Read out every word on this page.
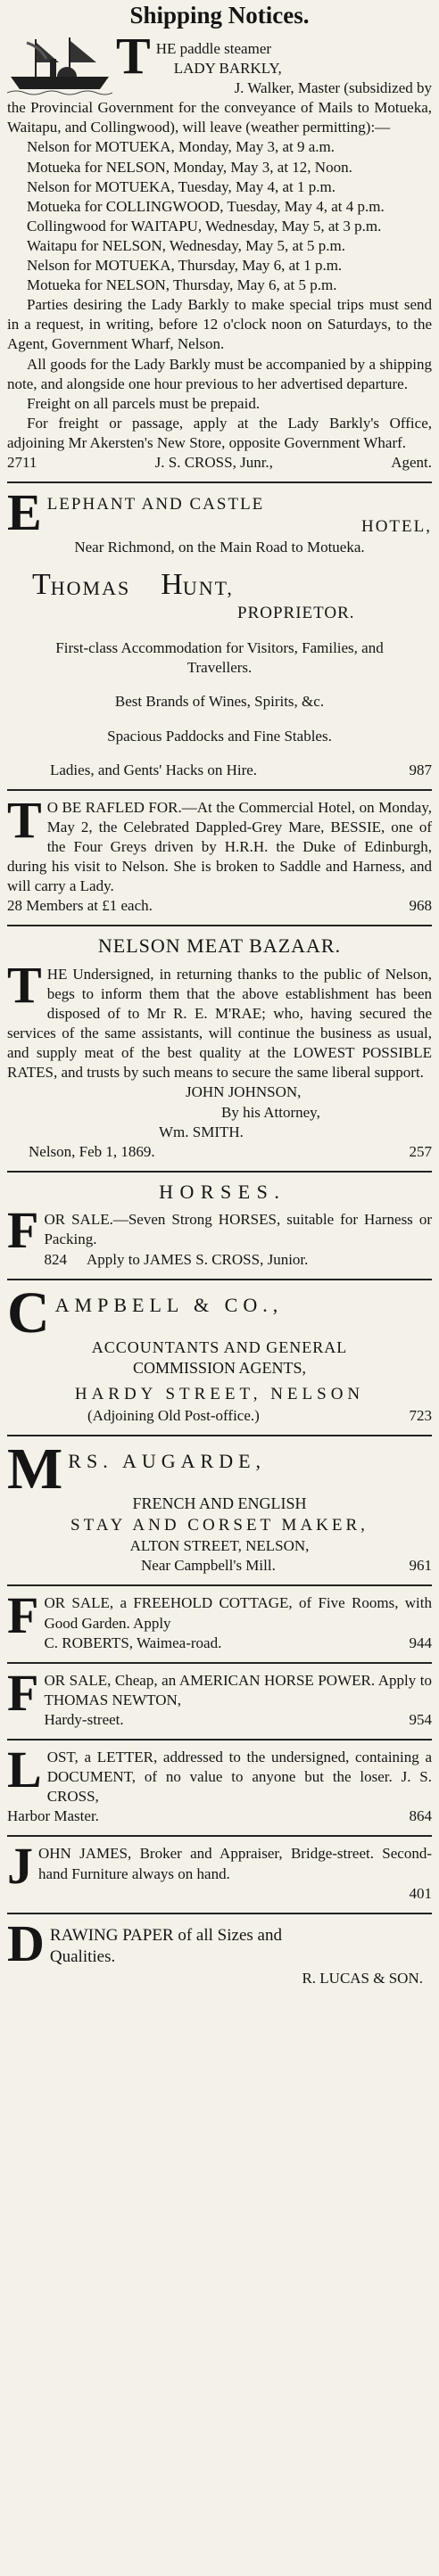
Shipping Notices.
T HE paddle steamer

LADY BARKLY,

J. Walker, Master (subsidized by

the Provincial Government for the conveyance of Mails to Motueka, Waitapu, and Collingwood), will leave (weather permitting):—

Nelson for MOTUEKA, Monday, May 3, at 9 a.m.

Motueka for NELSON, Monday, May 3, at 12, Noon.

Nelson for MOTUEKA, Tuesday, May 4, at 1 p.m.

Motueka for COLLINGWOOD, Tuesday, May 4, at 4 p.m.

Collingwood for WAITAPU, Wednesday, May 5, at 3 p.m.

Waitapu for NELSON, Wednesday, May 5, at 5 p.m.

Nelson for MOTUEKA, Thursday, May 6, at 1 p.m.

Motueka for NELSON, Thursday, May 6, at 5 p.m.

Parties desiring the Lady Barkly to make special trips must send in a request, in writing, before 12 o'clock noon on Saturdays, to the Agent, Government Wharf, Nelson.

All goods for the Lady Barkly must be accompanied by a shipping note, and alongside one hour previous to her advertised departure.

Freight on all parcels must be prepaid.

For freight or passage, apply at the Lady Barkly's Office, adjoining Mr Akersten's New Store, opposite Government Wharf.

2711	J. S. CROSS, Junr.,	Agent.
E LEPHANT AND CASTLE

HOTEL,

Near Richmond, on the Main Road to Motueka.

T HOMAS H UNT,

PROPRIETOR.

First-class Accommodation for Visitors, Families, and Travellers.

Best Brands of Wines, Spirits, &c.

Spacious Paddocks and Fine Stables.

Ladies, and Gents' Hacks on Hire.	987
T O BE RAFLED FOR.—At the Commercial Hotel, on Monday, May 2, the Celebrated Dappled-Grey Mare, BESSIE, one of the Four Greys driven by H.R.H. the Duke of Edinburgh, during his visit to Nelson. She is broken to Saddle and Harness, and will carry a Lady.

28 Members at £1 each.	968

NELSON MEAT BAZAAR.

T HE Undersigned, in returning thanks to the public of Nelson, begs to inform them that the above establishment has been disposed of to Mr R. E. M'RAE; who, having secured the services of the same assistants, will continue the business as usual, and supply meat of the best quality at the LOWEST POSSIBLE RATES, and trusts by such means to secure the same liberal support.

JOHN JOHNSON,

By his Attorney,

Wm. SMITH.

Nelson, Feb 1, 1869.	257

H O R S E S .

F OR SALE.—Seven Strong HORSES, suitable for Harness or Packing.

824 Apply to JAMES S. CROSS, Junior.
C AMPBELL & CO.,

ACCOUNTANTS AND GENERAL

COMMISSION AGENTS,

HARDY STREET, NELSON

(Adjoining Old Post-office.)	723
M RS. AUGARDE,

FRENCH AND ENGLISH

STAY AND CORSET MAKER,

ALTON STREET, NELSON,

Near Campbell's Mill.	961
F OR SALE, a FREEHOLD COTTAGE, of Five Rooms, with Good Garden. Apply

C. ROBERTS, Waimea-road.	944
F OR SALE, Cheap, an AMERICAN HORSE POWER. Apply to THOMAS NEWTON,

Hardy-street.	954
L OST, a LETTER, addressed to the undersigned, containing a DOCUMENT, of no value to anyone but the loser. J. S. CROSS,

Harbor Master.	864
J OHN JAMES, Broker and Appraiser, Bridge-street. Second-hand Furniture always on hand.

401

D RAWING PAPER of all Sizes and

Qualities.

R. LUCAS & SON.
